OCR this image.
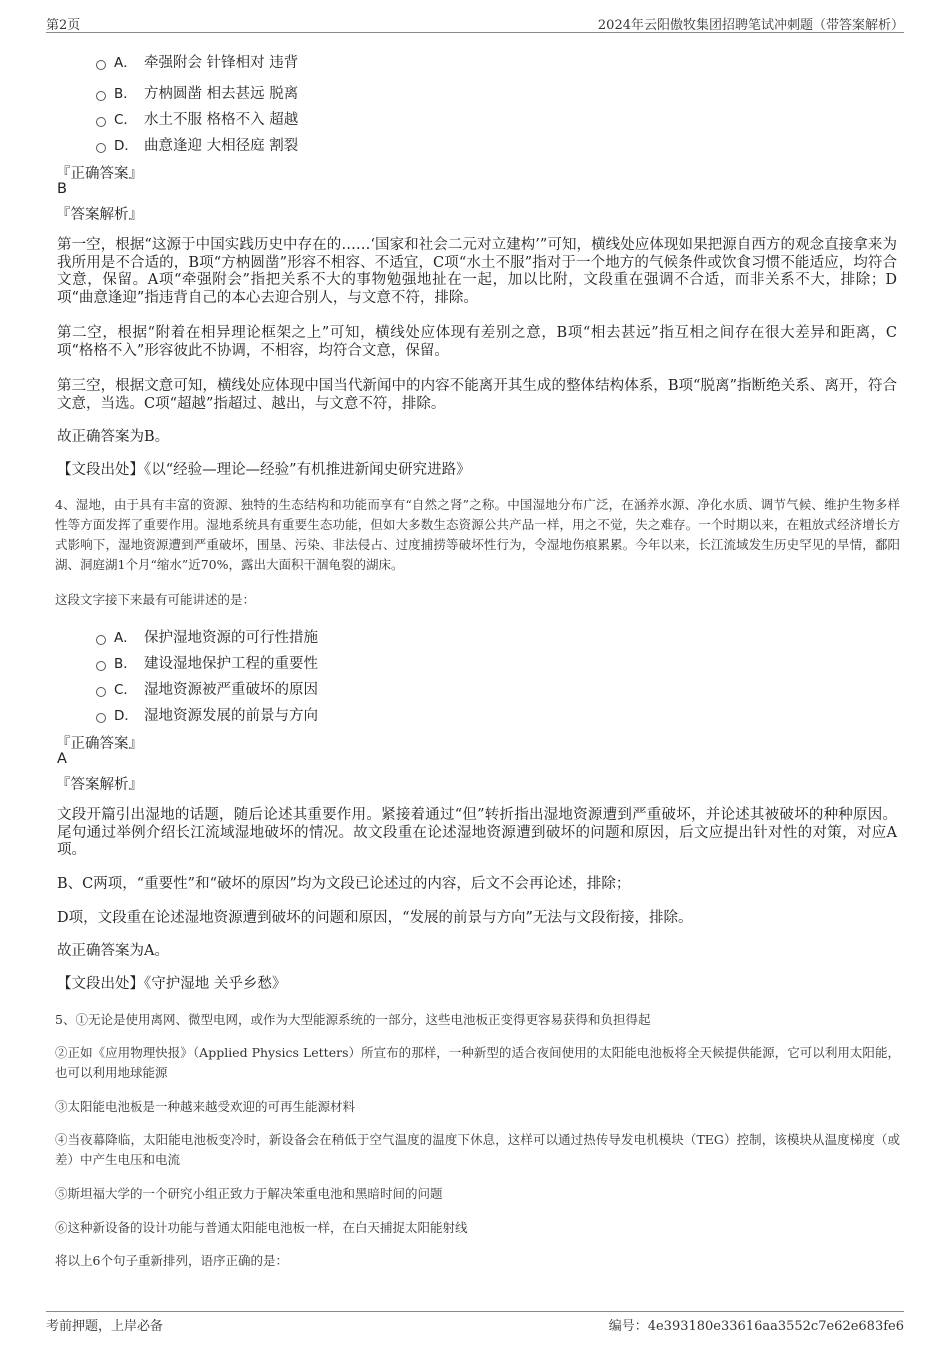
第2页	2024年云阳傲牧集团招聘笔试冲刺题（带答案解析）
A． 牵强附会 针锋相对 违背
B． 方枘圆凿 相去甚远 脱离
C． 水土不服 格格不入 超越
D． 曲意逢迎 大相径庭 割裂
『正确答案』
B
『答案解析』
第一空，根据“这源于中国实践历史中存在的……‘国家和社会二元对立建构’”可知，横线处应体现如果把源自西方的观念直接拿来为我所用是不合适的，B项“方枘圆凿”形容不相容、不适宜，C项“水土不服”指对于一个地方的气候条件或饮食习惯不能适应，均符合文意，保留。A项“牵强附会”指把关系不大的事物勉强地扯在一起，加以比附，文段重在强调不合适，而非关系不大，排除；D项“曲意逢迎”指违背自己的本心去迎合别人，与文意不符，排除。
第二空，根据“附着在相异理论框架之上”可知，横线处应体现有差别之意，B项“相去甚远”指互相之间存在很大差异和距离，C项“格格不入”形容彼此不协调，不相容，均符合文意，保留。
第三空，根据文意可知，横线处应体现中国当代新闻中的内容不能离开其生成的整体结构体系，B项“脱离”指断绝关系、离开，符合文意，当选。C项“超越”指超过、越出，与文意不符，排除。
故正确答案为B。
【文段出处】《以“经验—理论—经验”有机推进新闻史研究进路》
4、湿地，由于具有丰富的资源、独特的生态结构和功能而享有“自然之肾”之称。中国湿地分布广泛，在涵养水源、净化水质、调节气候、维护生物多样性等方面发挥了重要作用。湿地系统具有重要生态功能，但如大多数生态资源公共产品一样，用之不觉，失之难存。一个时期以来，在粗放式经济增长方式影响下，湿地资源遭到严重破坏，围垦、污染、非法侵占、过度捕捞等破坏性行为，令湿地伤痕累累。今年以来，长江流域发生历史罕见的旱情，鄱阳湖、洞庭湖1个月“缩水”近70%，露出大面积干涸龟裂的湖床。
这段文字接下来最有可能讲述的是：
A． 保护湿地资源的可行性措施
B． 建设湿地保护工程的重要性
C． 湿地资源被严重破坏的原因
D． 湿地资源发展的前景与方向
『正确答案』
A
『答案解析』
文段开篇引出湿地的话题，随后论述其重要作用。紧接着通过“但”转折指出湿地资源遭到严重破坏，并论述其被破坏的种种原因。尾句通过举例介绍长江流域湿地破坏的情况。故文段重在论述湿地资源遭到破坏的问题和原因，后文应提出针对性的对策，对应A项。
B、C两项，“重要性”和“破坏的原因”均为文段已论述过的内容，后文不会再论述，排除；
D项，文段重在论述湿地资源遭到破坏的问题和原因，“发展的前景与方向”无法与文段衔接，排除。
故正确答案为A。
【文段出处】《守护湿地 关乎乡愁》
5、①无论是使用离网、微型电网，或作为大型能源系统的一部分，这些电池板正变得更容易获得和负担得起
②正如《应用物理快报》（Applied Physics Letters）所宣布的那样，一种新型的适合夜间使用的太阳能电池板将全天候提供能源，它可以利用太阳能，也可以利用地球能源
③太阳能电池板是一种越来越受欢迎的可再生能源材料
④当夜幕降临，太阳能电池板变冷时，新设备会在稍低于空气温度的温度下休息，这样可以通过热传导发电机模块（TEG）控制，该模块从温度梯度（或差）中产生电压和电流
⑤斯坦福大学的一个研究小组正致力于解决笨重电池和黑暗时间的问题
⑥这种新设备的设计功能与普通太阳能电池板一样，在白天捕捉太阳能射线
将以上6个句子重新排列，语序正确的是：
考前押题，上岸必备	编号：4e393180e33616aa3552c7e62e683fe6
